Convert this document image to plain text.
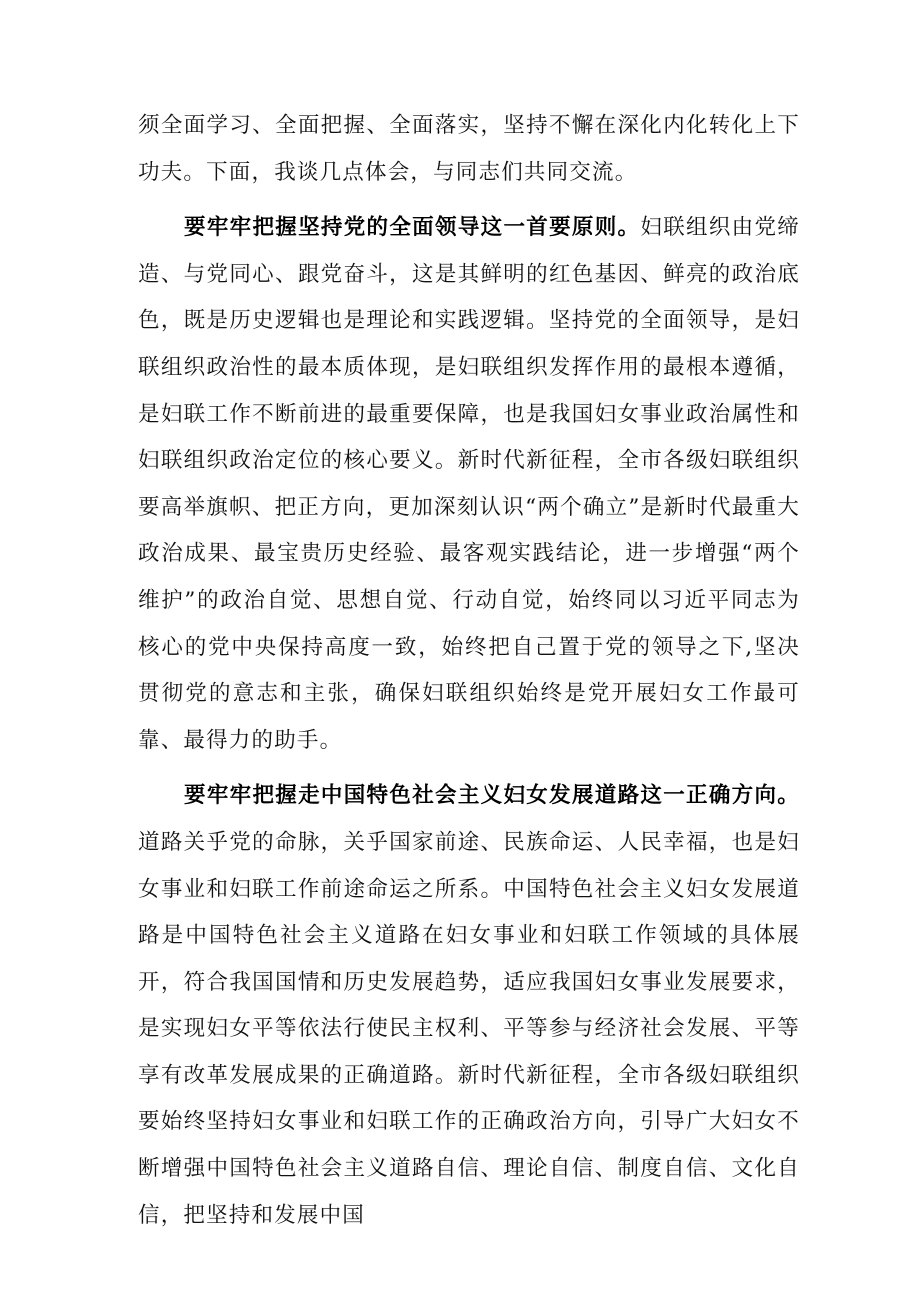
须全面学习、全面把握、全面落实，坚持不懈在深化内化转化上下功夫。下面，我谈几点体会，与同志们共同交流。

要牢牢把握坚持党的全面领导这一首要原则。妇联组织由党缔造、与党同心、跟党奋斗，这是其鲜明的红色基因、鲜亮的政治底色，既是历史逻辑也是理论和实践逻辑。坚持党的全面领导，是妇联组织政治性的最本质体现，是妇联组织发挥作用的最根本遵循，是妇联工作不断前进的最重要保障，也是我国妇女事业政治属性和妇联组织政治定位的核心要义。新时代新征程，全市各级妇联组织要高举旗帜、把正方向，更加深刻认识“两个确立”是新时代最重大政治成果、最宝贵历史经验、最客观实践结论，进一步增强“两个维护”的政治自觉、思想自觉、行动自觉，始终同以习近平同志为核心的党中央保持高度一致，始终把自己置于党的领导之下,坚决贯彻党的意志和主张，确保妇联组织始终是党开展妇女工作最可靠、最得力的助手。

要牢牢把握走中国特色社会主义妇女发展道路这一正确方向。道路关乎党的命脉，关乎国家前途、民族命运、人民幸福，也是妇女事业和妇联工作前途命运之所系。中国特色社会主义妇女发展道路是中国特色社会主义道路在妇女事业和妇联工作领域的具体展开，符合我国国情和历史发展趋势，适应我国妇女事业发展要求，是实现妇女平等依法行使民主权利、平等参与经济社会发展、平等享有改革发展成果的正确道路。新时代新征程，全市各级妇联组织要始终坚持妇女事业和妇联工作的正确政治方向，引导广大妇女不断增强中国特色社会主义道路自信、理论自信、制度自信、文化自信，把坚持和发展中国
